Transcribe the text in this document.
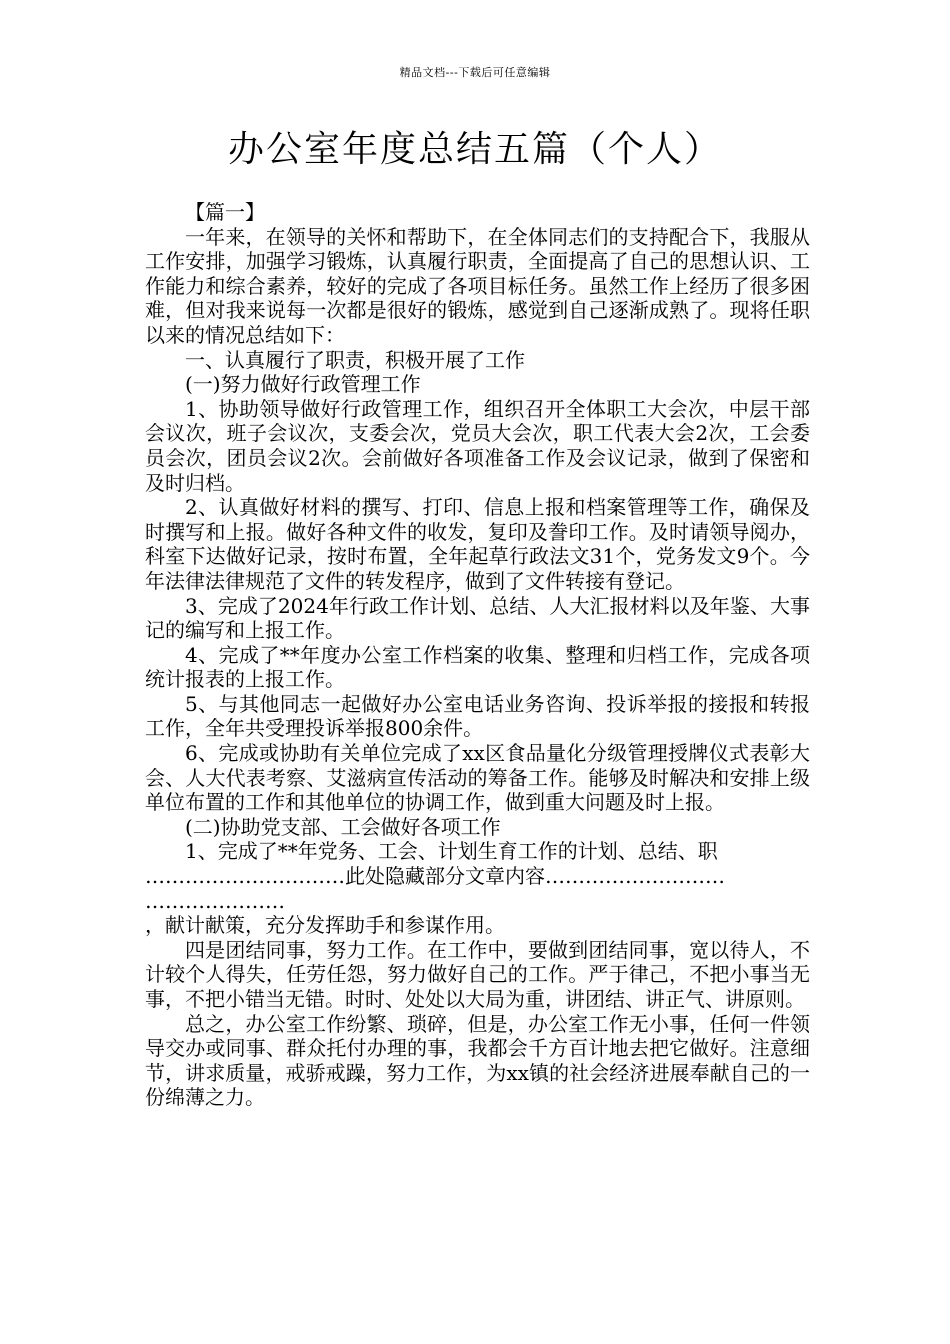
精品文档---下载后可任意编辑
办公室年度总结五篇（个人）

【篇一】

一年来，在领导的关怀和帮助下，在全体同志们的支持配合下，我服从工作安排，加强学习锻炼，认真履行职责，全面提高了自己的思想认识、工作能力和综合素养，较好的完成了各项目标任务。虽然工作上经历了很多困难，但对我来说每一次都是很好的锻炼，感觉到自己逐渐成熟了。现将任职以来的情况总结如下：

一、认真履行了职责，积极开展了工作

(一)努力做好行政管理工作

1、协助领导做好行政管理工作，组织召开全体职工大会次，中层干部会议次，班子会议次，支委会次，党员大会次，职工代表大会2次，工会委员会次，团员会议2次。会前做好各项准备工作及会议记录，做到了保密和及时归档。

2、认真做好材料的撰写、打印、信息上报和档案管理等工作，确保及时撰写和上报。做好各种文件的收发，复印及誊印工作。及时请领导阅办，科室下达做好记录，按时布置，全年起草行政法文31个，党务发文9个。今年法律法律规范了文件的转发程序，做到了文件转接有登记。

3、完成了2024年行政工作计划、总结、人大汇报材料以及年鉴、大事记的编写和上报工作。

4、完成了**年度办公室工作档案的收集、整理和归档工作，完成各项统计报表的上报工作。

5、与其他同志一起做好办公室电话业务咨询、投诉举报的接报和转报工作，全年共受理投诉举报800余件。

6、完成或协助有关单位完成了xx区食品量化分级管理授牌仪式表彰大会、人大代表考察、艾滋病宣传活动的筹备工作。能够及时解决和安排上级单位布置的工作和其他单位的协调工作，做到重大问题及时上报。

(二)协助党支部、工会做好各项工作

1、完成了**年党务、工会、计划生育工作的计划、总结、职

…………………………此处隐藏部分文章内容………………………

…………………

，献计献策，充分发挥助手和参谋作用。

四是团结同事，努力工作。在工作中，要做到团结同事，宽以待人，不计较个人得失，任劳任怨，努力做好自己的工作。严于律己，不把小事当无事，不把小错当无错。时时、处处以大局为重，讲团结、讲正气、讲原则。

总之，办公室工作纷繁、琐碎，但是，办公室工作无小事，任何一件领导交办或同事、群众托付办理的事，我都会千方百计地去把它做好。注意细节，讲求质量，戒骄戒躁，努力工作，为xx镇的社会经济进展奉献自己的一份绵薄之力。
